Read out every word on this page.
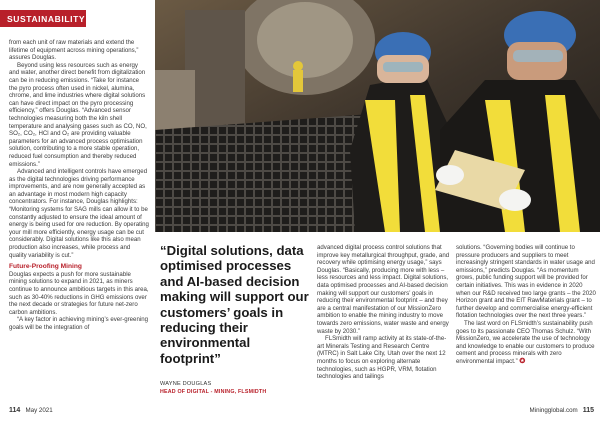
SUSTAINABILITY

from each unit of raw materials and extend the lifetime of equipment across mining operations,” assures Douglas.

Beyond using less resources such as energy and water, another direct benefit from digitalization can be in reducing emissions. “Take for instance the pyro process often used in nickel, alumina, chrome, and lime industries where digital solutions can have direct impact on the pyro processing efficiency,” offers Douglas. “Advanced sensor technologies measuring both the kiln shell temperature and analysing gases such as CO, NO, SO₂, CO₂, HCl and O₂ are providing valuable parameters for an advanced process optimisation solution, contributing to a more stable operation, reduced fuel consumption and thereby reduced emissions.”

Advanced and intelligent controls have emerged as the digital technologies driving performance improvements, and are now generally accepted as an advantage in most modern high capacity concentrators. For instance, Douglas highlights: “Monitoring systems for SAG mills can allow it to be constantly adjusted to ensure the ideal amount of energy is being used for ore reduction. By operating your mill more efficiently, energy usage can be cut considerably. Digital solutions like this also mean production also increases, while process and quality variability is cut.”

Future-Proofing Mining

Douglas expects a push for more sustainable mining solutions to expand in 2021, as miners continue to announce ambitious targets in this area, such as 30-40% reductions in GHG emissions over the next decade or strategies for future net-zero carbon ambitions.

“A key factor in achieving mining’s ever-greening goals will be the integration of

“Digital solutions, data optimised processes and AI-based decision making will support our customers’ goals in reducing their environmental footprint”
WAYNE DOUGLAS
HEAD OF DIGITAL - MINING, FLSMIDTH

advanced digital process control solutions that improve key metallurgical throughput, grade, and recovery while optimising energy usage,” says Douglas. “Basically, producing more with less – less resources and less impact. Digital solutions, data optimised processes and AI-based decision making will support our customers’ goals in reducing their environmental footprint – and they are a central manifestation of our MissionZero ambition to enable the mining industry to move towards zero emissions, water waste and energy waste by 2030.”

FLSmidth will ramp activity at its state-of-the-art Minerals Testing and Research Centre (MTRC) in Salt Lake City, Utah over the next 12 months to focus on exploring alternate technologies, such as HGPR, VRM, flotation technologies and tailings

solutions. “Governing bodies will continue to pressure producers and suppliers to meet increasingly stringent standards in water usage and emissions,” predicts Douglas. “As momentum grows, public funding support will be provided for certain initiatives. This was in evidence in 2020 when our R&D received two large grants – the 2020 Horizon grant and the EIT RawMaterials grant – to further develop and commercialise energy-efficient flotation technologies over the next three years.”

The last word on FLSmidth’s sustainability push goes to its passionate CEO Thomas Schulz. “With MissionZero, we accelerate the use of technology and knowledge to enable our customers to produce cement and process minerals with zero environmental impact.” ✪

114 May 2021	Miningglobal.com 115
